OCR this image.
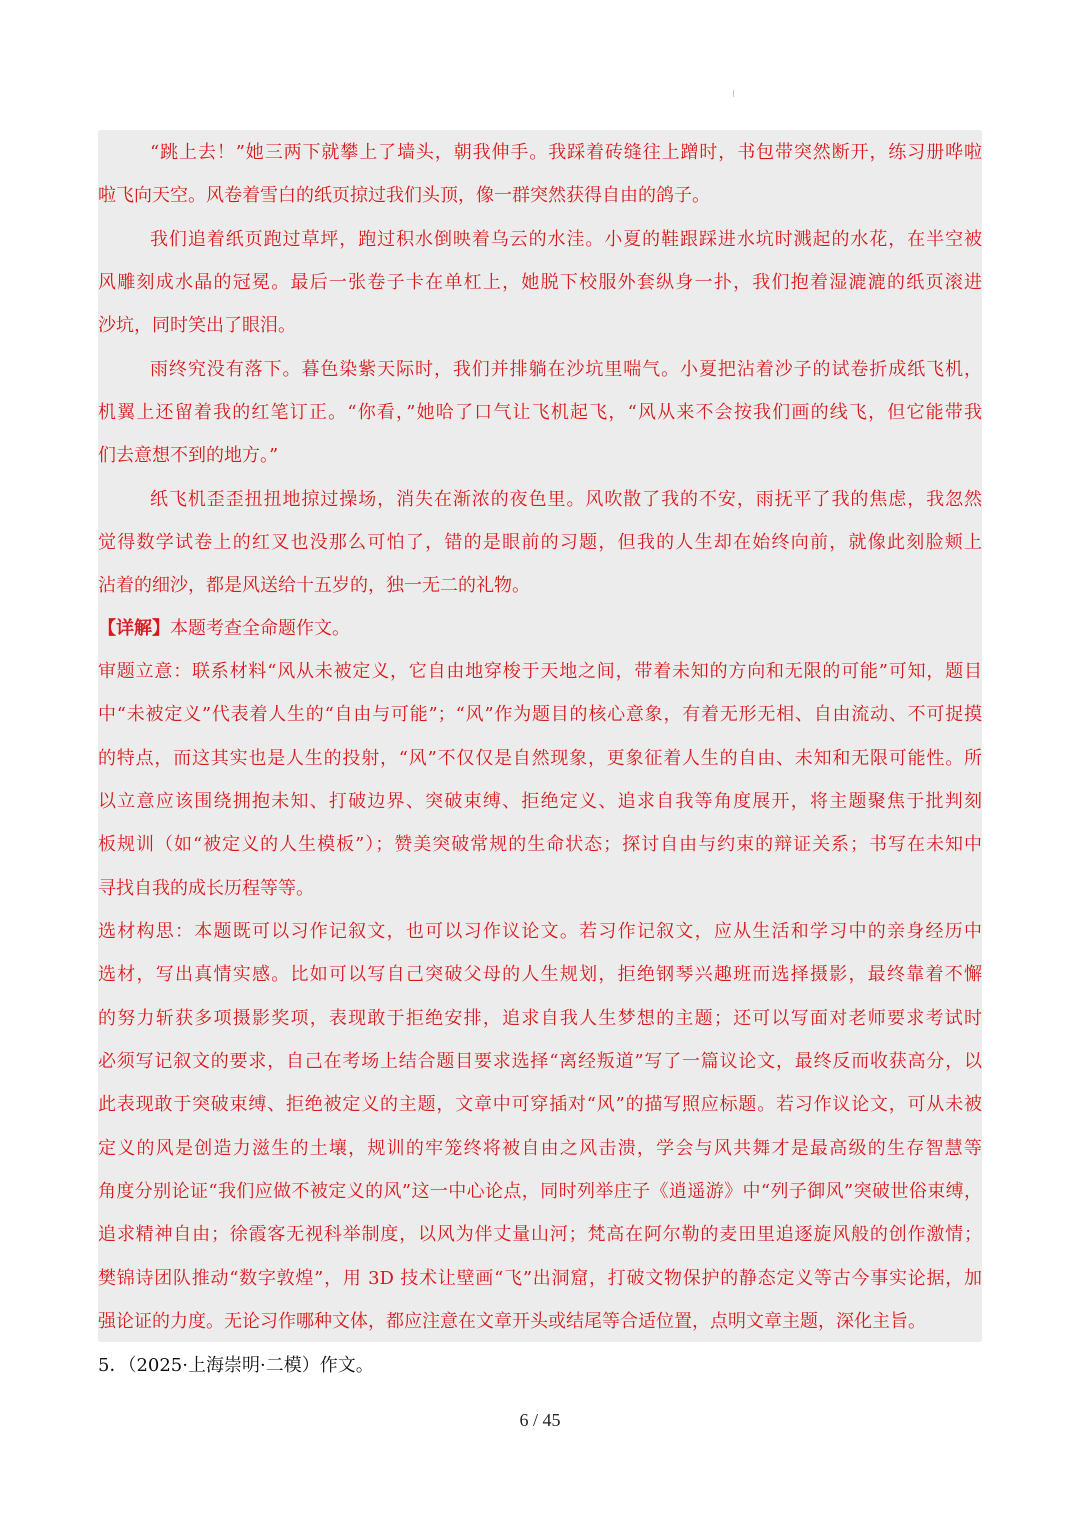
“跳上去！”她三两下就攀上了墙头，朝我伸手。我踩着砖缝往上蹭时，书包带突然断开，练习册哗啦
啦飞向天空。风卷着雪白的纸页掠过我们头顶，像一群突然获得自由的鸽子。
我们追着纸页跑过草坪，跑过积水倒映着乌云的水洼。小夏的鞋跟踩进水坑时溅起的水花，在半空被
风雕刻成水晶的冠冕。最后一张卷子卡在单杠上，她脱下校服外套纵身一扑，我们抱着湿漉漉的纸页滚进
沙坑，同时笑出了眼泪。
雨终究没有落下。暮色染紫天际时，我们并排躺在沙坑里喘气。小夏把沾着沙子的试卷折成纸飞机，
机翼上还留着我的红笔订正。“你看，”她哈了口气让飞机起飞，“风从来不会按我们画的线飞，但它能带我
们去意想不到的地方。”
纸飞机歪歪扭扭地掠过操场，消失在渐浓的夜色里。风吹散了我的不安，雨抚平了我的焦虑，我忽然
觉得数学试卷上的红叉也没那么可怕了，错的是眼前的习题，但我的人生却在始终向前，就像此刻脸颊上
沾着的细沙，都是风送给十五岁的，独一无二的礼物。
【详解】本题考查全命题作文。
审题立意：联系材料“风从未被定义，它自由地穿梭于天地之间，带着未知的方向和无限的可能”可知，题目
中“未被定义”代表着人生的“自由与可能”；“风”作为题目的核心意象，有着无形无相、自由流动、不可捉摸
的特点，而这其实也是人生的投射，“风”不仅仅是自然现象，更象征着人生的自由、未知和无限可能性。所
以立意应该围绕拥抱未知、打破边界、突破束缚、拒绝定义、追求自我等角度展开，将主题聚焦于批判刻
板规训（如“被定义的人生模板”）；赞美突破常规的生命状态；探讨自由与约束的辩证关系；书写在未知中
寻找自我的成长历程等等。
选材构思：本题既可以习作记叙文，也可以习作议论文。若习作记叙文，应从生活和学习中的亲身经历中
选材，写出真情实感。比如可以写自己突破父母的人生规划，拒绝钢琴兴趣班而选择摄影，最终靠着不懈
的努力斩获多项摄影奖项，表现敢于拒绝安排，追求自我人生梦想的主题；还可以写面对老师要求考试时
必须写记叙文的要求，自己在考场上结合题目要求选择“离经叛道”写了一篇议论文，最终反而收获高分，以
此表现敢于突破束缚、拒绝被定义的主题，文章中可穿插对“风”的描写照应标题。若习作议论文，可从未被
定义的风是创造力滋生的土壤，规训的牢笼终将被自由之风击溃，学会与风共舞才是最高级的生存智慧等
角度分别论证“我们应做不被定义的风”这一中心论点，同时列举庄子《逍遥游》中“列子御风”突破世俗束缚，
追求精神自由；徐霞客无视科举制度，以风为伴丈量山河；梵高在阿尔勒的麦田里追逐旋风般的创作激情；
樊锦诗团队推动“数字敦煌”，用 3D 技术让壁画“飞”出洞窟，打破文物保护的静态定义等古今事实论据，加
强论证的力度。无论习作哪种文体，都应注意在文章开头或结尾等合适位置，点明文章主题，深化主旨。
5．（2025·上海崇明·二模）作文。
6 / 45
